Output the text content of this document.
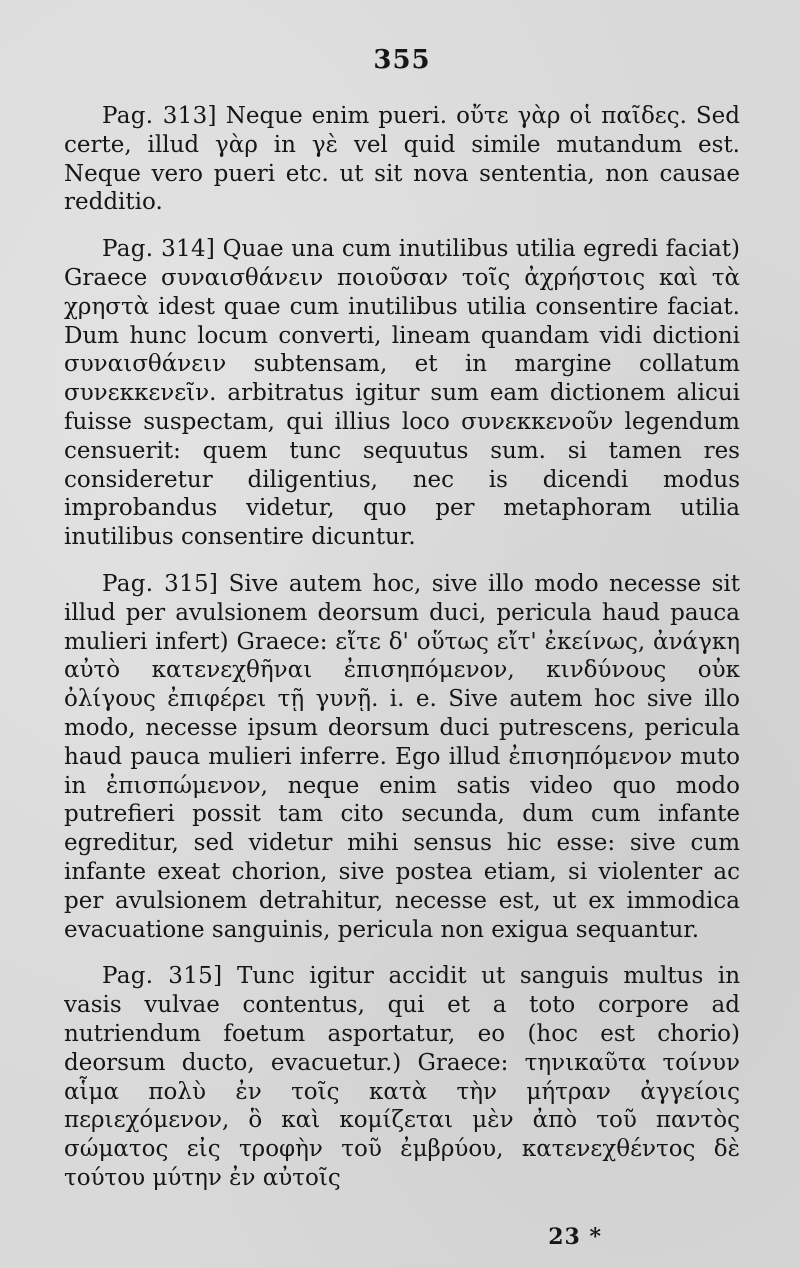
355

Pag. 313] Neque enim pueri. οὔτε γὰρ οἱ παῖδες. Sed certe, illud γὰρ in γὲ vel quid simile mutandum est. Neque vero pueri etc. ut sit nova sententia, non causae redditio.

Pag. 314] Quae una cum inutilibus utilia egredi faciat) Graece συναισθάνειν ποιοῦσαν τοῖς ἀχρήστοις καὶ τὰ χρηστὰ idest quae cum inutilibus utilia consentire faciat. Dum hunc locum converti, lineam quandam vidi dictioni συναισθάνειν subtensam, et in margine collatum συνεκκενεῖν. arbitratus igitur sum eam dictionem alicui fuisse suspectam, qui illius loco συνεκκενοῦν legendum censuerit: quem tunc sequutus sum. si tamen res consideretur diligentius, nec is dicendi modus improbandus videtur, quo per metaphoram utilia inutilibus consentire dicuntur.

Pag. 315] Sive autem hoc, sive illo modo necesse sit illud per avulsionem deorsum duci, pericula haud pauca mulieri infert) Graece: εἴτε δ' οὕτως εἴτ' ἐκείνως, ἀνάγκη αὐτὸ κατενεχθῆναι ἐπισηπόμενον, κινδύνους οὐκ ὀλίγους ἐπιφέρει τῇ γυνῇ. i. e. Sive autem hoc sive illo modo, necesse ipsum deorsum duci putrescens, pericula haud pauca mulieri inferre. Ego illud ἐπισηπόμενον muto in ἐπισπώμενον, neque enim satis video quo modo putrefieri possit tam cito secunda, dum cum infante egreditur, sed videtur mihi sensus hic esse: sive cum infante exeat chorion, sive postea etiam, si violenter ac per avulsionem detrahitur, necesse est, ut ex immodica evacuatione sanguinis, pericula non exigua sequantur.

Pag. 315] Tunc igitur accidit ut sanguis multus in vasis vulvae contentus, qui et a toto corpore ad nutriendum foetum asportatur, eo (hoc est chorio) deorsum ducto, evacuetur.) Graece: τηνικαῦτα τοίνυν αἷμα πολὺ ἐν τοῖς κατὰ τὴν μήτραν ἀγγείοις περιεχόμενον, ὃ καὶ κομίζεται μὲν ἀπὸ τοῦ παντὸς σώματος εἰς τροφὴν τοῦ ἐμβρύου, κατενεχθέντος δὲ τούτου μύτην ἐν αὐτοῖς

23 *
